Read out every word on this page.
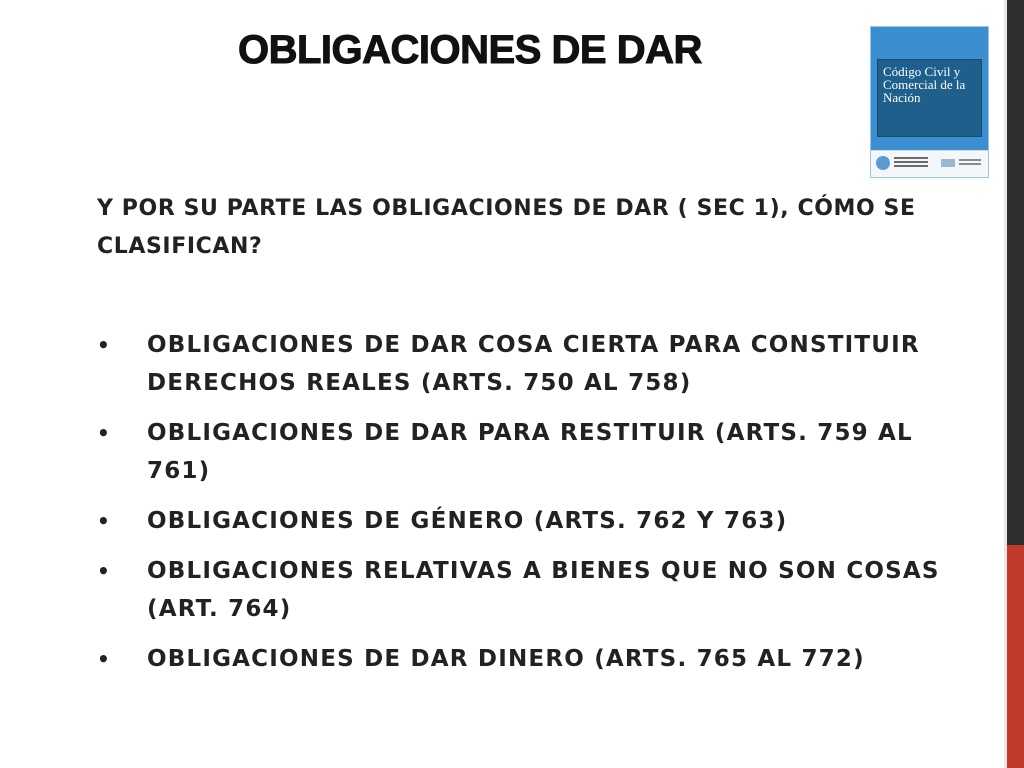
OBLIGACIONES DE DAR	Código Civil y Comercial de la Nación
Y POR SU PARTE LAS OBLIGACIONES DE DAR ( SEC 1), CÓMO SE CLASIFICAN?
• OBLIGACIONES DE DAR COSA CIERTA PARA CONSTITUIR DERECHOS REALES (ARTS. 750 AL 758)
• OBLIGACIONES DE DAR PARA RESTITUIR (ARTS. 759 AL 761)
• OBLIGACIONES DE GÉNERO (ARTS. 762 Y 763)
• OBLIGACIONES RELATIVAS A BIENES QUE NO SON COSAS (ART. 764)
• OBLIGACIONES DE DAR DINERO (ARTS. 765 AL 772)
